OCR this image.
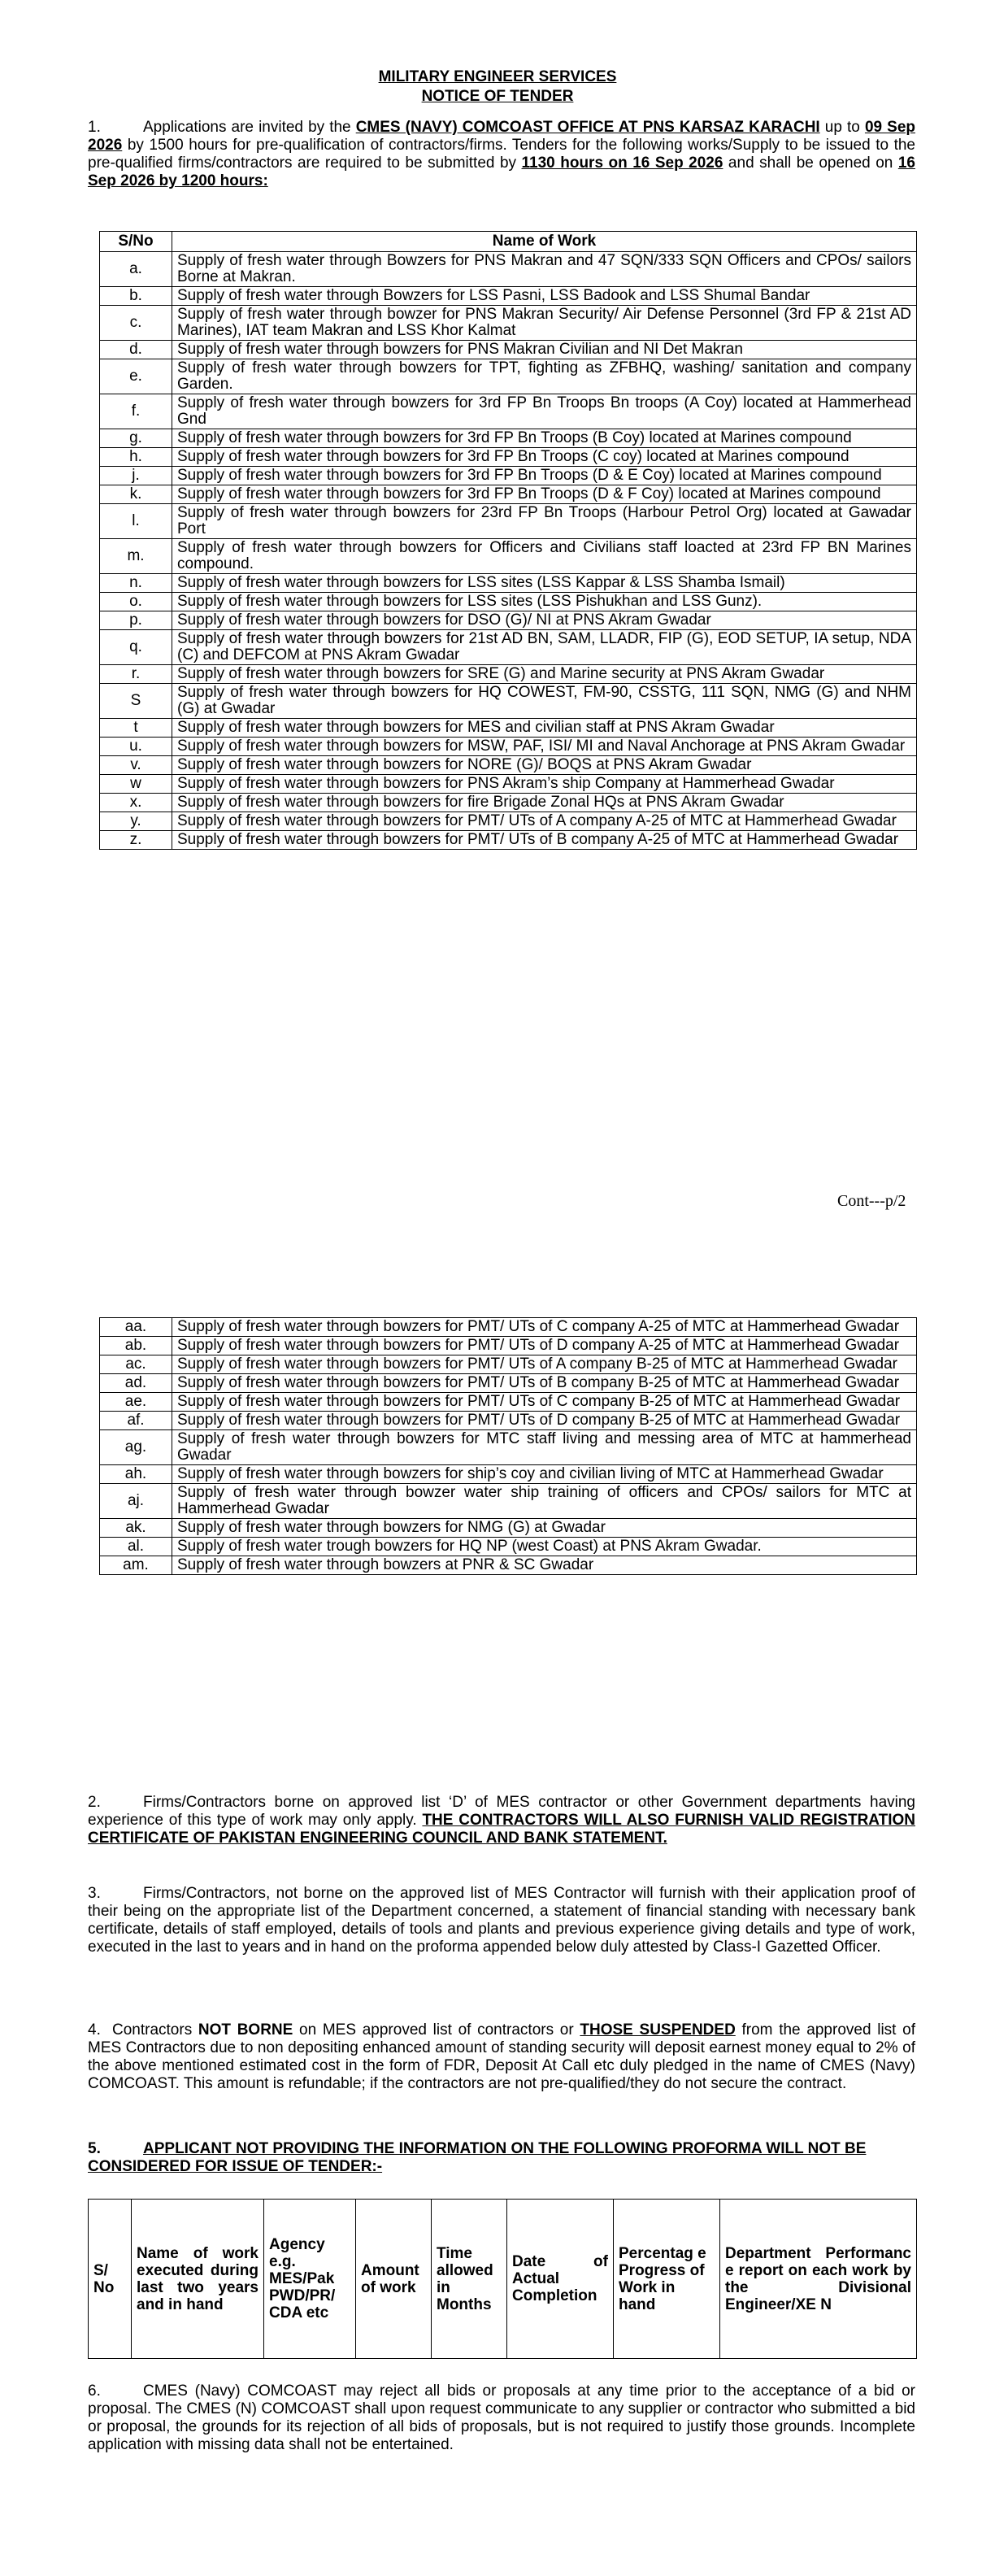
MILITARY ENGINEER SERVICES
NOTICE OF TENDER
1.	Applications are invited by the CMES (NAVY) COMCOAST OFFICE AT PNS KARSAZ KARACHI up to 09 Sep 2026 by 1500 hours for pre-qualification of contractors/firms. Tenders for the following works/Supply to be issued to the pre-qualified firms/contractors are required to be submitted by 1130 hours on 16 Sep 2026 and shall be opened on 16 Sep 2026 by 1200 hours:
S/No	Name of Work
a.	Supply of fresh water through Bowzers for PNS Makran and 47 SQN/333 SQN Officers and CPOs/ sailors Borne at Makran.
b.	Supply of fresh water through Bowzers for LSS Pasni, LSS Badook and LSS Shumal Bandar
c.	Supply of fresh water through bowzer for PNS Makran Security/ Air Defense Personnel (3rd FP & 21st AD Marines), IAT team Makran and LSS Khor Kalmat
d.	Supply of fresh water through bowzers for PNS Makran Civilian and NI Det Makran
e.	Supply of fresh water through bowzers for TPT, fighting as ZFBHQ, washing/ sanitation and company Garden.
f.	Supply of fresh water through bowzers for 3rd FP Bn Troops Bn troops (A Coy) located at Hammerhead Gnd
g.	Supply of fresh water through bowzers for 3rd FP Bn Troops (B Coy) located at Marines compound
h.	Supply of fresh water through bowzers for 3rd FP Bn Troops (C coy) located at Marines compound
j.	Supply of fresh water through bowzers for 3rd FP Bn Troops (D & E Coy) located at Marines compound
k.	Supply of fresh water through bowzers for 3rd FP Bn Troops (D & F Coy) located at Marines compound
l.	Supply of fresh water through bowzers for 23rd FP Bn Troops (Harbour Petrol Org) located at Gawadar Port
m.	Supply of fresh water through bowzers for Officers and Civilians staff loacted at 23rd FP BN Marines compound.
n.	Supply of fresh water through bowzers for LSS sites (LSS Kappar & LSS Shamba Ismail)
o.	Supply of fresh water through bowzers for LSS sites (LSS Pishukhan and LSS Gunz).
p.	Supply of fresh water through bowzers for DSO (G)/ NI at PNS Akram Gwadar
q.	Supply of fresh water through bowzers for 21st AD BN, SAM, LLADR, FIP (G), EOD SETUP, IA setup, NDA (C) and DEFCOM at PNS Akram Gwadar
r.	Supply of fresh water through bowzers for SRE (G) and Marine security at PNS Akram Gwadar
S	Supply of fresh water through bowzers for HQ COWEST, FM-90, CSSTG, 111 SQN, NMG (G) and NHM (G) at Gwadar
t	Supply of fresh water through bowzers for MES and civilian staff at PNS Akram Gwadar
u.	Supply of fresh water through bowzers for MSW, PAF, ISI/ MI and Naval Anchorage at PNS Akram Gwadar
v.	Supply of fresh water through bowzers for NORE (G)/ BOQS at PNS Akram Gwadar
w	Supply of fresh water through bowzers for PNS Akram’s ship Company at Hammerhead Gwadar
x.	Supply of fresh water through bowzers for fire Brigade Zonal HQs at PNS Akram Gwadar
y.	Supply of fresh water through bowzers for PMT/ UTs of A company A-25 of MTC at Hammerhead Gwadar
z.	Supply of fresh water through bowzers for PMT/ UTs of B company A-25 of MTC at Hammerhead Gwadar
Cont---p/2
aa.	Supply of fresh water through bowzers for PMT/ UTs of C company A-25 of MTC at Hammerhead Gwadar
ab.	Supply of fresh water through bowzers for PMT/ UTs of D company A-25 of MTC at Hammerhead Gwadar
ac.	Supply of fresh water through bowzers for PMT/ UTs of A company B-25 of MTC at Hammerhead Gwadar
ad.	Supply of fresh water through bowzers for PMT/ UTs of B company B-25 of MTC at Hammerhead Gwadar
ae.	Supply of fresh water through bowzers for PMT/ UTs of C company B-25 of MTC at Hammerhead Gwadar
af.	Supply of fresh water through bowzers for PMT/ UTs of D company B-25 of MTC at Hammerhead Gwadar
ag.	Supply of fresh water through bowzers for MTC staff living and messing area of MTC at hammerhead Gwadar
ah.	Supply of fresh water through bowzers for ship’s coy and civilian living of MTC at Hammerhead Gwadar
aj.	Supply of fresh water through bowzer water ship training of officers and CPOs/ sailors for MTC at Hammerhead Gwadar
ak.	Supply of fresh water through bowzers for NMG (G) at Gwadar
al.	Supply of fresh water trough bowzers for HQ NP (west Coast) at PNS Akram Gwadar.
am.	Supply of fresh water through bowzers at PNR & SC Gwadar
2.	Firms/Contractors borne on approved list ‘D’ of MES contractor or other Government departments having experience of this type of work may only apply. THE CONTRACTORS WILL ALSO FURNISH VALID REGISTRATION CERTIFICATE OF PAKISTAN ENGINEERING COUNCIL AND BANK STATEMENT.
3.	Firms/Contractors, not borne on the approved list of MES Contractor will furnish with their application proof of their being on the appropriate list of the Department concerned, a statement of financial standing with necessary bank certificate, details of staff employed, details of tools and plants and previous experience giving details and type of work, executed in the last to years and in hand on the proforma appended below duly attested by Class-I Gazetted Officer.
4. Contractors NOT BORNE on MES approved list of contractors or THOSE SUSPENDED from the approved list of MES Contractors due to non depositing enhanced amount of standing security will deposit earnest money equal to 2% of the above mentioned estimated cost in the form of FDR, Deposit At Call etc duly pledged in the name of CMES (Navy) COMCOAST. This amount is refundable; if the contractors are not pre-qualified/they do not secure the contract.
5.	APPLICANT NOT PROVIDING THE INFORMATION ON THE FOLLOWING PROFORMA WILL NOT BE CONSIDERED FOR ISSUE OF TENDER:-
S/ No	Name of work executed during last two years and in hand	Agency e.g. MES/Pak PWD/PR/ CDA etc	Amount of work	Time allowed in Months	Date of Actual Completion	Percentag e Progress of Work in hand	Department Performanc e report on each work by the Divisional Engineer/XE N
6.	CMES (Navy) COMCOAST may reject all bids or proposals at any time prior to the acceptance of a bid or proposal. The CMES (N) COMCOAST shall upon request communicate to any supplier or contractor who submitted a bid or proposal, the grounds for its rejection of all bids of proposals, but is not required to justify those grounds. Incomplete application with missing data shall not be entertained.
